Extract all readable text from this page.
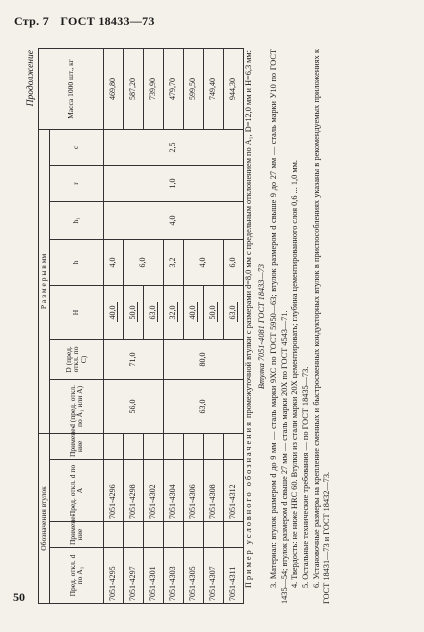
Стр. 7 ГОСТ 18433—73
Продолжение
Обозначения втулок				Р а з м е р ы в мм							Масса 1000 шт., кг
Пред. откл. d по А₁	Примене-ние	Пред. откл. d по А	Примене-ние	d (пред. откл. по А₁ или А)	D (пред. откл. по С)	H	h	h₁	r	c	
7051-4295		7051-4296		56,0	71,0	40,0	4,0	4,0	1,0	2,5	469,80
7051-4297		7051-4298				50,0	6,0				587,20
7051-4301		7051-4302				63,0					739,90
7051-4303		7051-4304		63,0	80,0	32,0	3,2				479,70
7051-4305		7051-4306				40,0	4,0				599,50
7051-4307		7051-4308				50,0					749,40
7051-4311		7051-4312				63,0	6,0				944,30

Пример условного обозначения промежуточной втулки с размерами d=8,0 мм с предельным отклонением по А₁, D=12,0 мм и H=6,3 мм: Втулка 7051-4081 ГОСТ 18433—73 3. Материал: втулок размером d до 9 мм — сталь марки 9ХС по ГОСТ 5950—63; втулок размером d свыше 9 до 27 мм — сталь марки У10 по ГОСТ 1435—54; втулок размером d свыше 27 мм — сталь марки 20Х по ГОСТ 4543—71. 4. Твердость: не ниже HRC 60. Втулки из стали марки 20Х цементировать; глубина цементированного слоя 0,6 ... 1,0 мм. 5. Остальные технические требования — по ГОСТ 18435—73. 6. Установочные размеры на крепление сменных и быстросменных кондукторных втулок в приспособлениях указаны в рекомендуемых приложениях к ГОСТ 18431—73 и ГОСТ 18432—73.

50
